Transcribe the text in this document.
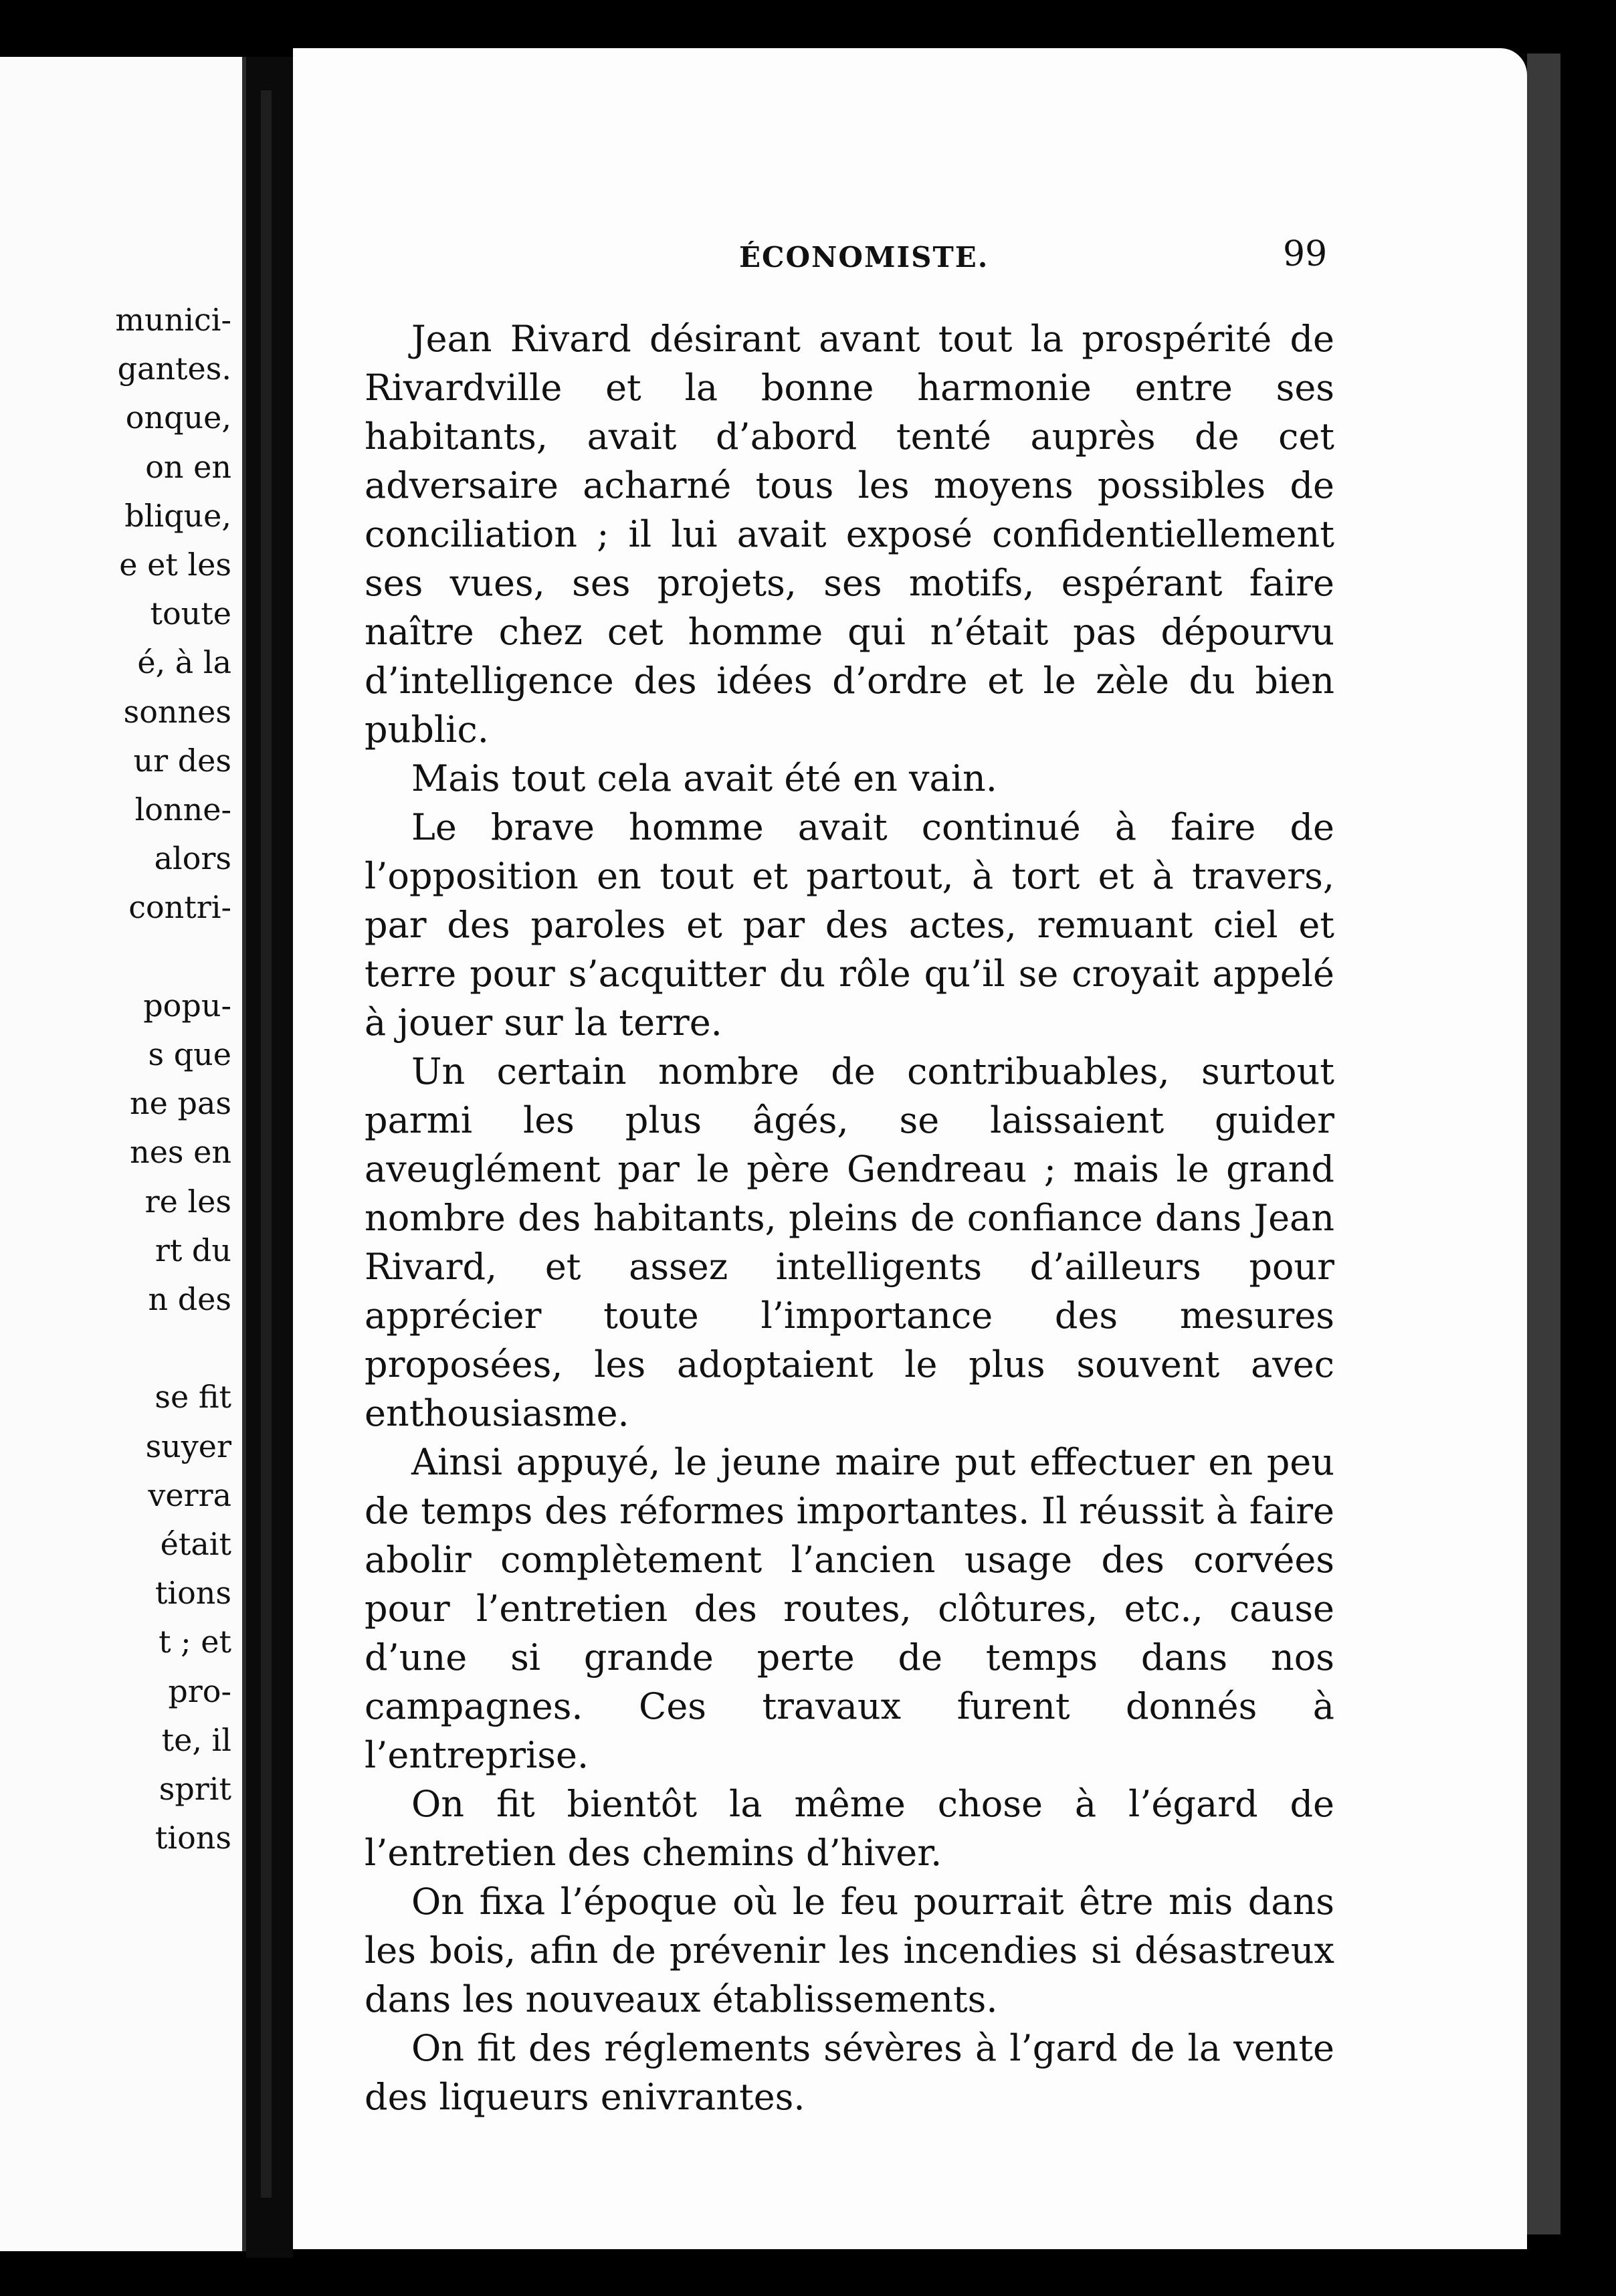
munici-
gantes.
onque,
on en
blique,
e et les
toute
é, à la
sonnes
ur des
lonne-
alors
contri-
popu-
s que
ne pas
nes en
re les
rt du
n des
se fit
suyer
verra
était
tions
t ; et
pro-
te, il
sprit
tions
ÉCONOMISTE.	99

Jean Rivard désirant avant tout la prospérité de Rivardville et la bonne harmonie entre ses habitants, avait d’abord tenté auprès de cet adversaire acharné tous les moyens possibles de conciliation ; il lui avait exposé confidentiellement ses vues, ses projets, ses motifs, espérant faire naître chez cet homme qui n’était pas dépourvu d’intelligence des idées d’ordre et le zèle du bien public.

Mais tout cela avait été en vain.

Le brave homme avait continué à faire de l’opposition en tout et partout, à tort et à travers, par des paroles et par des actes, remuant ciel et terre pour s’acquitter du rôle qu’il se croyait appelé à jouer sur la terre.

Un certain nombre de contribuables, surtout parmi les plus âgés, se laissaient guider aveuglément par le père Gendreau ; mais le grand nombre des habitants, pleins de confiance dans Jean Rivard, et assez intelligents d’ailleurs pour apprécier toute l’importance des mesures proposées, les adoptaient le plus souvent avec enthousiasme.

Ainsi appuyé, le jeune maire put effectuer en peu de temps des réformes importantes. Il réussit à faire abolir complètement l’ancien usage des corvées pour l’entretien des routes, clôtures, etc., cause d’une si grande perte de temps dans nos campagnes. Ces travaux furent donnés à l’entreprise.

On fit bientôt la même chose à l’égard de l’entretien des chemins d’hiver.

On fixa l’époque où le feu pourrait être mis dans les bois, afin de prévenir les incendies si désastreux dans les nouveaux établissements.

On fit des réglements sévères à l’gard de la vente des liqueurs enivrantes.
